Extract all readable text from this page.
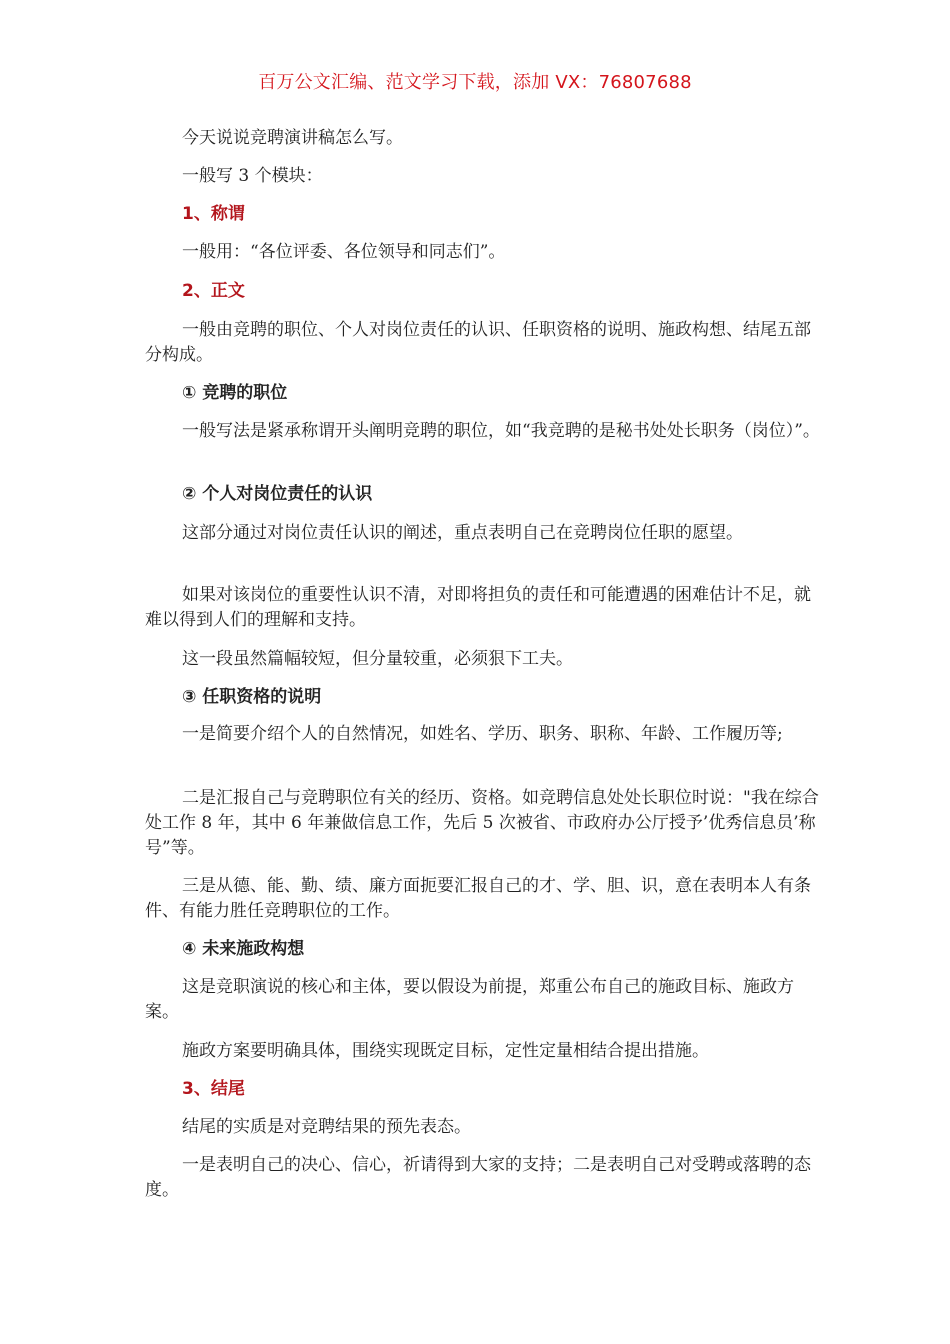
百万公文汇编、范文学习下载，添加 VX：76807688

今天说说竞聘演讲稿怎么写。

一般写 3 个模块：

1、称谓

一般用：“各位评委、各位领导和同志们”。

2、正文

一般由竞聘的职位、个人对岗位责任的认识、任职资格的说明、施政构想、结尾五部分构成。

① 竞聘的职位

一般写法是紧承称谓开头阐明竞聘的职位，如“我竞聘的是秘书处处长职务（岗位）”。

② 个人对岗位责任的认识

这部分通过对岗位责任认识的阐述，重点表明自己在竞聘岗位任职的愿望。

如果对该岗位的重要性认识不清，对即将担负的责任和可能遭遇的困难估计不足，就难以得到人们的理解和支持。

这一段虽然篇幅较短，但分量较重，必须狠下工夫。

③ 任职资格的说明

一是简要介绍个人的自然情况，如姓名、学历、职务、职称、年龄、工作履历等;

二是汇报自己与竞聘职位有关的经历、资格。如竞聘信息处处长职位时说："我在综合处工作 8 年，其中 6 年兼做信息工作，先后 5 次被省、市政府办公厅授予’优秀信息员’称号”等。

三是从德、能、勤、绩、廉方面扼要汇报自己的才、学、胆、识，意在表明本人有条件、有能力胜任竞聘职位的工作。

④ 未来施政构想

这是竞职演说的核心和主体，要以假设为前提，郑重公布自己的施政目标、施政方案。

施政方案要明确具体，围绕实现既定目标，定性定量相结合提出措施。

3、结尾

结尾的实质是对竞聘结果的预先表态。

一是表明自己的决心、信心，祈请得到大家的支持；二是表明自己对受聘或落聘的态度。
